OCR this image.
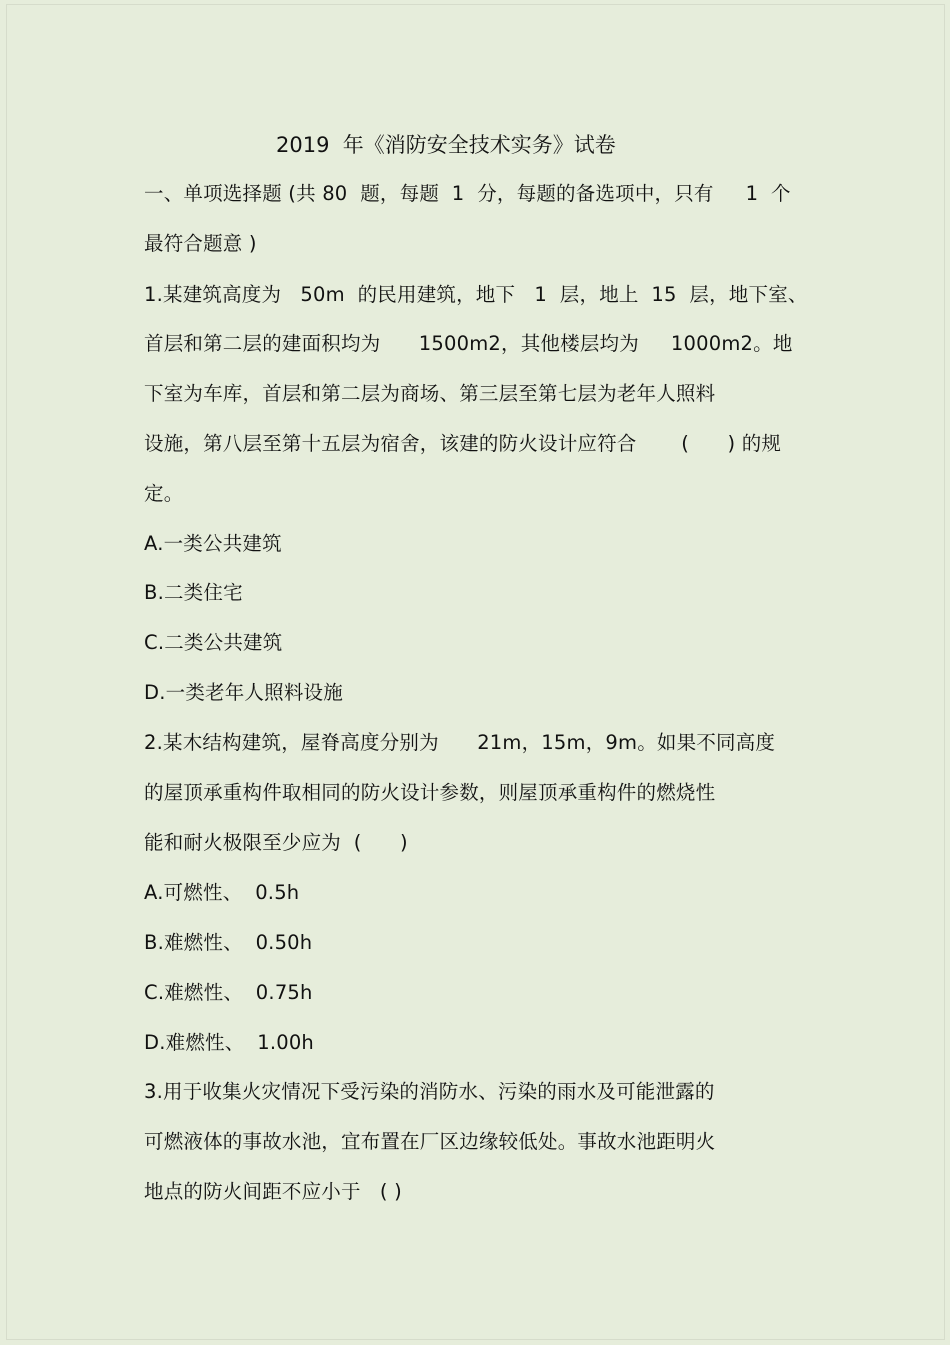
2019  年《消防安全技术实务》试卷
一、单项选择题 (共 80  题，每题  1  分，每题的备选项中，只有     1  个
最符合题意 )
1.某建筑高度为   50m  的民用建筑，地下   1  层，地上  15  层，地下室、
首层和第二层的建面积均为      1500m2，其他楼层均为     1000m2。地
下室为车库，首层和第二层为商场、第三层至第七层为老年人照料
设施，第八层至第十五层为宿舍，该建的防火设计应符合       (      ) 的规
定。
A.一类公共建筑
B.二类住宅
C.二类公共建筑
D.一类老年人照料设施
2.某木结构建筑，屋脊高度分别为      21m，15m，9m。如果不同高度
的屋顶承重构件取相同的防火设计参数，则屋顶承重构件的燃烧性
能和耐火极限至少应为  (      )
A.可燃性、  0.5h
B.难燃性、  0.50h
C.难燃性、  0.75h
D.难燃性、  1.00h
3.用于收集火灾情况下受污染的消防水、污染的雨水及可能泄露的
可燃液体的事故水池，宜布置在厂区边缘较低处。事故水池距明火
地点的防火间距不应小于   ( )
